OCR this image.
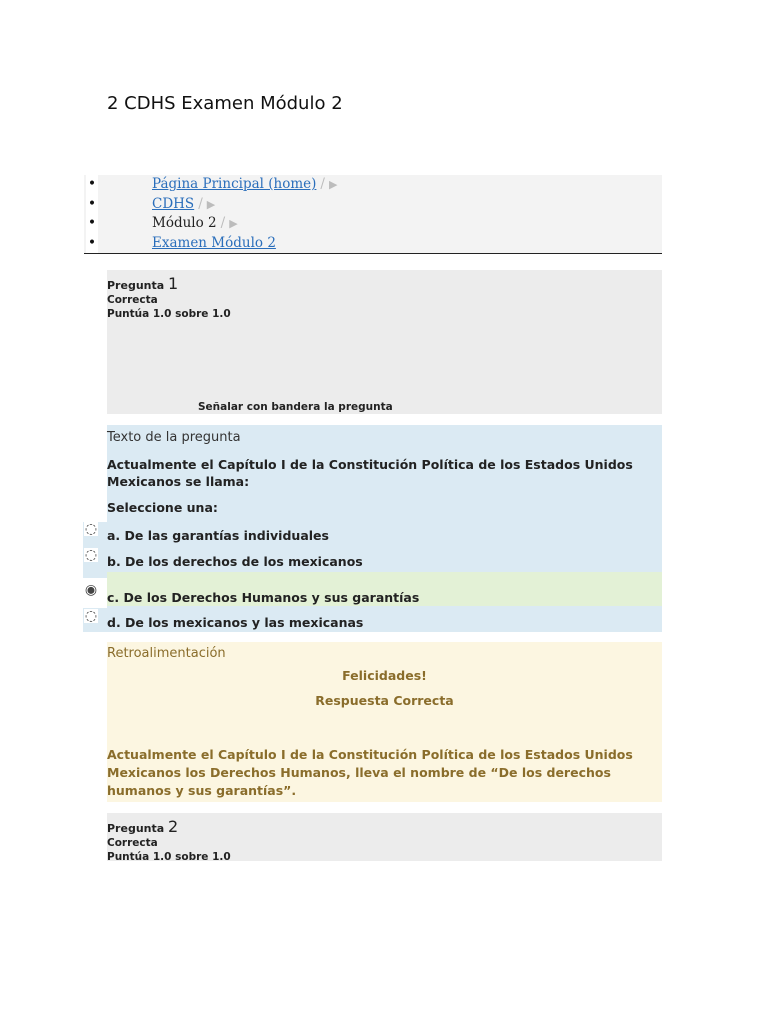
2 CDHS Examen Módulo 2
•	Página Principal (home) / ▶
•	CDHS / ▶
•	Módulo 2 / ▶
•	Examen Módulo 2
Pregunta 1
Correcta
Puntúa 1.0 sobre 1.0
Señalar con bandera la pregunta
Texto de la pregunta
Actualmente el Capítulo I de la Constitución Política de los Estados Unidos Mexicanos se llama:
Seleccione una:
a. De las garantías individuales
◌
b. De los derechos de los mexicanos
◌
c. De los Derechos Humanos y sus garantías
◉
d. De los mexicanos y las mexicanas
◌
Retroalimentación
Felicidades!
Respuesta Correcta
Actualmente el Capítulo I de la Constitución Política de los Estados Unidos Mexicanos los Derechos Humanos, lleva el nombre de “De los derechos humanos y sus garantías”.
Pregunta 2
Correcta
Puntúa 1.0 sobre 1.0
